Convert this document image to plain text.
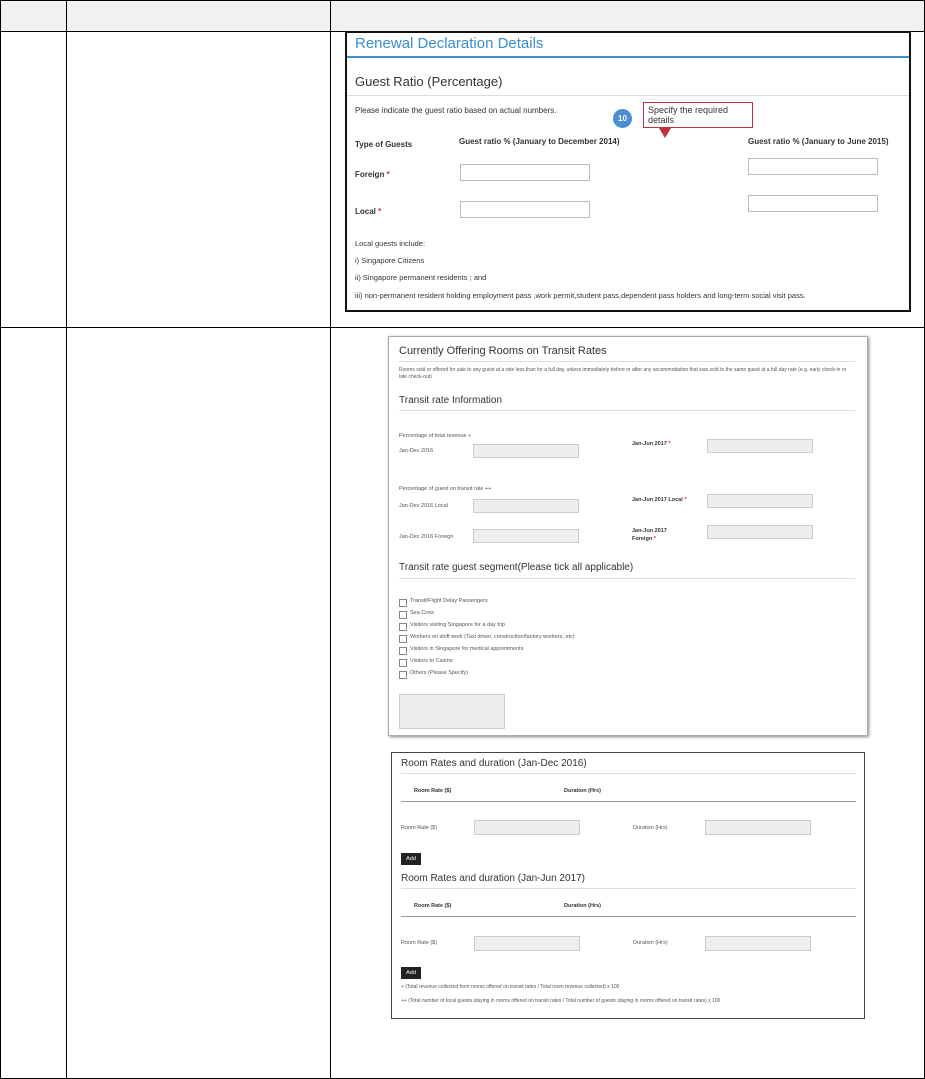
Renewal Declaration Details
Guest Ratio (Percentage)
Please indicate the guest ratio based on actual numbers.
10
Specify the required details
Type of Guests	Guest ratio % (January to December 2014)	Guest ratio % (January to June 2015)
Foreign *
Local *
Local guests include:
i) Singapore Citizens
ii) Singapore permanent residents ; and
iii) non-permanent resident holding employment pass ,work permit,student pass,dependent pass holders and long-term social visit pass.
Currently Offering Rooms on Transit Rates
Rooms sold or offered for sale to any guest at a rate less than for a full day, unless immediately before or after any accommodation that was sold to the same guest at a full day rate (e.g. early check-in or late check-out)
Transit rate Information
Percentage of total revenue +
Jan-Dec 2016
Jan-Jun 2017 *
Percentage of guest on transit rate ++
Jan-Dec 2016 Local
Jan-Jun 2017 Local *
Jan-Dec 2016 Foreign
Jan-Jun 2017
Foreign *
Transit rate guest segment(Please tick all applicable)
Transit/Flight Delay Passengers
Sea Crew
Visitors visiting Singapore for a day trip
Workers on shift work (Taxi driver, construction/factory workers, etc)
Visitors in Singapore for medical appointments
Visitors to Casino
Others (Please Specify)
Room Rates and duration (Jan-Dec 2016)
Room Rate ($)	Duration (Hrs)
Room Rate ($)	Duration (Hrs)
Add
Room Rates and duration (Jan-Jun 2017)
Room Rate ($)	Duration (Hrs)
Room Rate ($)	Duration (Hrs)
Add
+ (Total revenue collected from rooms offered on transit rates / Total room revenue collected) x 100
++ (Total number of local guests staying in rooms offered on transit rates / Total number of guests staying in rooms offered on transit rates) x 100
